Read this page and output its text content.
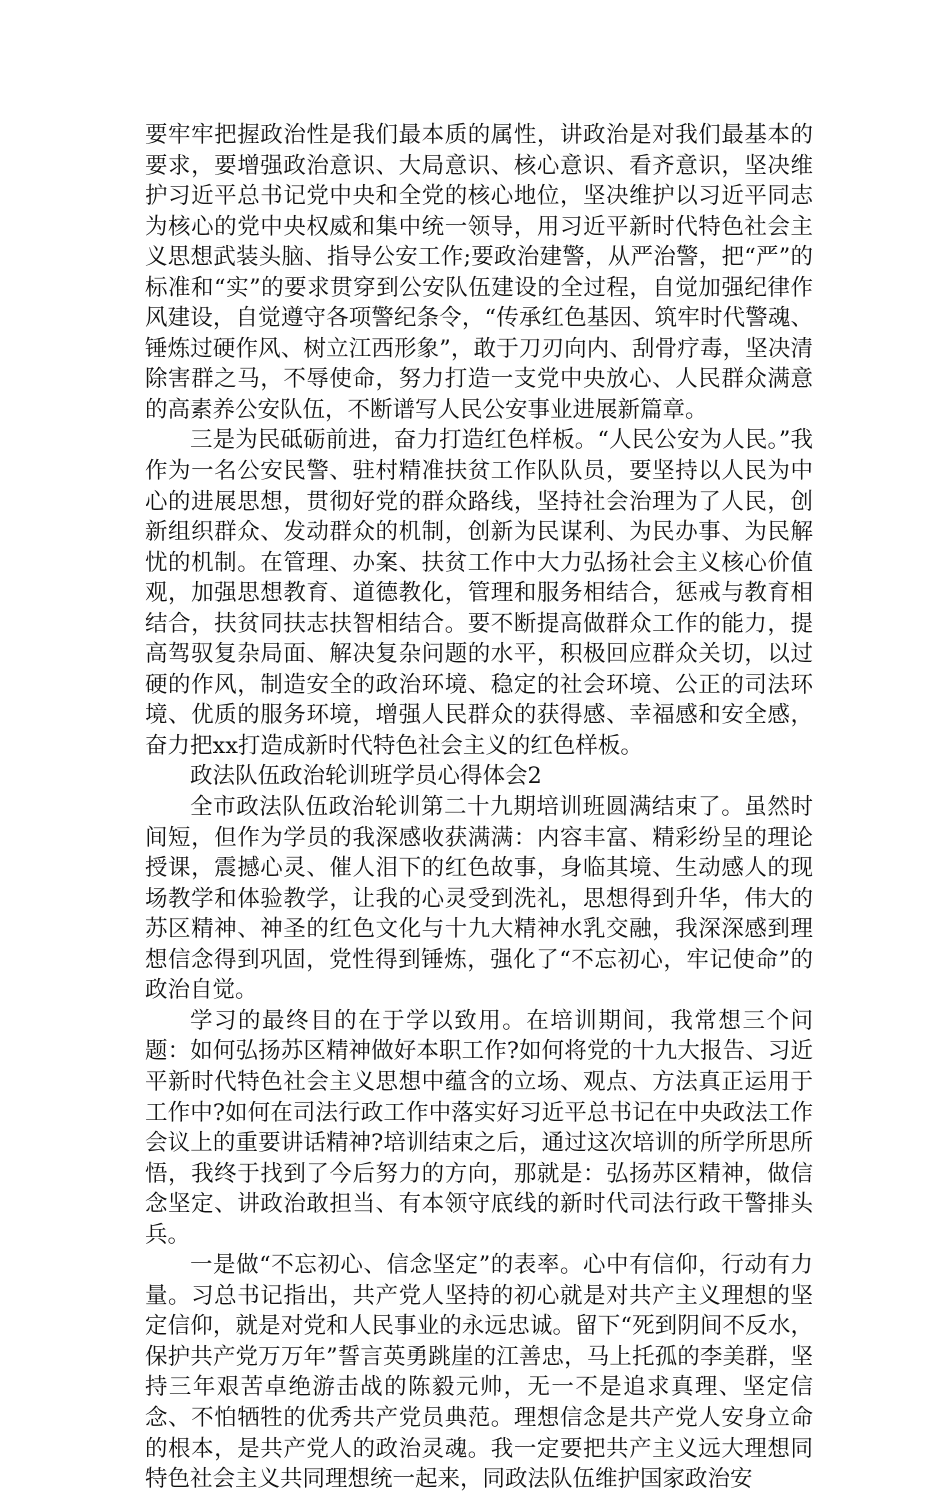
要牢牢把握政治性是我们最本质的属性，讲政治是对我们最基本的要求，要增强政治意识、大局意识、核心意识、看齐意识，坚决维护习近平总书记党中央和全党的核心地位，坚决维护以习近平同志为核心的党中央权威和集中统一领导，用习近平新时代特色社会主义思想武装头脑、指导公安工作;要政治建警，从严治警，把“严”的标准和“实”的要求贯穿到公安队伍建设的全过程，自觉加强纪律作风建设，自觉遵守各项警纪条令，“传承红色基因、筑牢时代警魂、锤炼过硬作风、树立江西形象”，敢于刀刃向内、刮骨疗毒，坚决清除害群之马，不辱使命，努力打造一支党中央放心、人民群众满意的高素养公安队伍，不断谱写人民公安事业进展新篇章。

三是为民砥砺前进，奋力打造红色样板。“人民公安为人民。”我作为一名公安民警、驻村精准扶贫工作队队员，要坚持以人民为中心的进展思想，贯彻好党的群众路线，坚持社会治理为了人民，创新组织群众、发动群众的机制，创新为民谋利、为民办事、为民解忧的机制。在管理、办案、扶贫工作中大力弘扬社会主义核心价值观，加强思想教育、道德教化，管理和服务相结合，惩戒与教育相结合，扶贫同扶志扶智相结合。要不断提高做群众工作的能力，提高驾驭复杂局面、解决复杂问题的水平，积极回应群众关切，以过硬的作风，制造安全的政治环境、稳定的社会环境、公正的司法环境、优质的服务环境，增强人民群众的获得感、幸福感和安全感，奋力把xx打造成新时代特色社会主义的红色样板。

政法队伍政治轮训班学员心得体会2

全市政法队伍政治轮训第二十九期培训班圆满结束了。虽然时间短，但作为学员的我深感收获满满：内容丰富、精彩纷呈的理论授课，震撼心灵、催人泪下的红色故事，身临其境、生动感人的现场教学和体验教学，让我的心灵受到洗礼，思想得到升华，伟大的苏区精神、神圣的红色文化与十九大精神水乳交融，我深深感到理想信念得到巩固，党性得到锤炼，强化了“不忘初心，牢记使命”的政治自觉。

学习的最终目的在于学以致用。在培训期间，我常想三个问题：如何弘扬苏区精神做好本职工作?如何将党的十九大报告、习近平新时代特色社会主义思想中蕴含的立场、观点、方法真正运用于工作中?如何在司法行政工作中落实好习近平总书记在中央政法工作会议上的重要讲话精神?培训结束之后，通过这次培训的所学所思所悟，我终于找到了今后努力的方向，那就是：弘扬苏区精神，做信念坚定、讲政治敢担当、有本领守底线的新时代司法行政干警排头兵。

一是做“不忘初心、信念坚定”的表率。心中有信仰，行动有力量。习总书记指出，共产党人坚持的初心就是对共产主义理想的坚定信仰，就是对党和人民事业的永远忠诚。留下“死到阴间不反水，保护共产党万万年”誓言英勇跳崖的江善忠，马上托孤的李美群，坚持三年艰苦卓绝游击战的陈毅元帅，无一不是追求真理、坚定信念、不怕牺牲的优秀共产党员典范。理想信念是共产党人安身立命的根本，是共产党人的政治灵魂。我一定要把共产主义远大理想同特色社会主义共同理想统一起来，同政法队伍维护国家政治安
